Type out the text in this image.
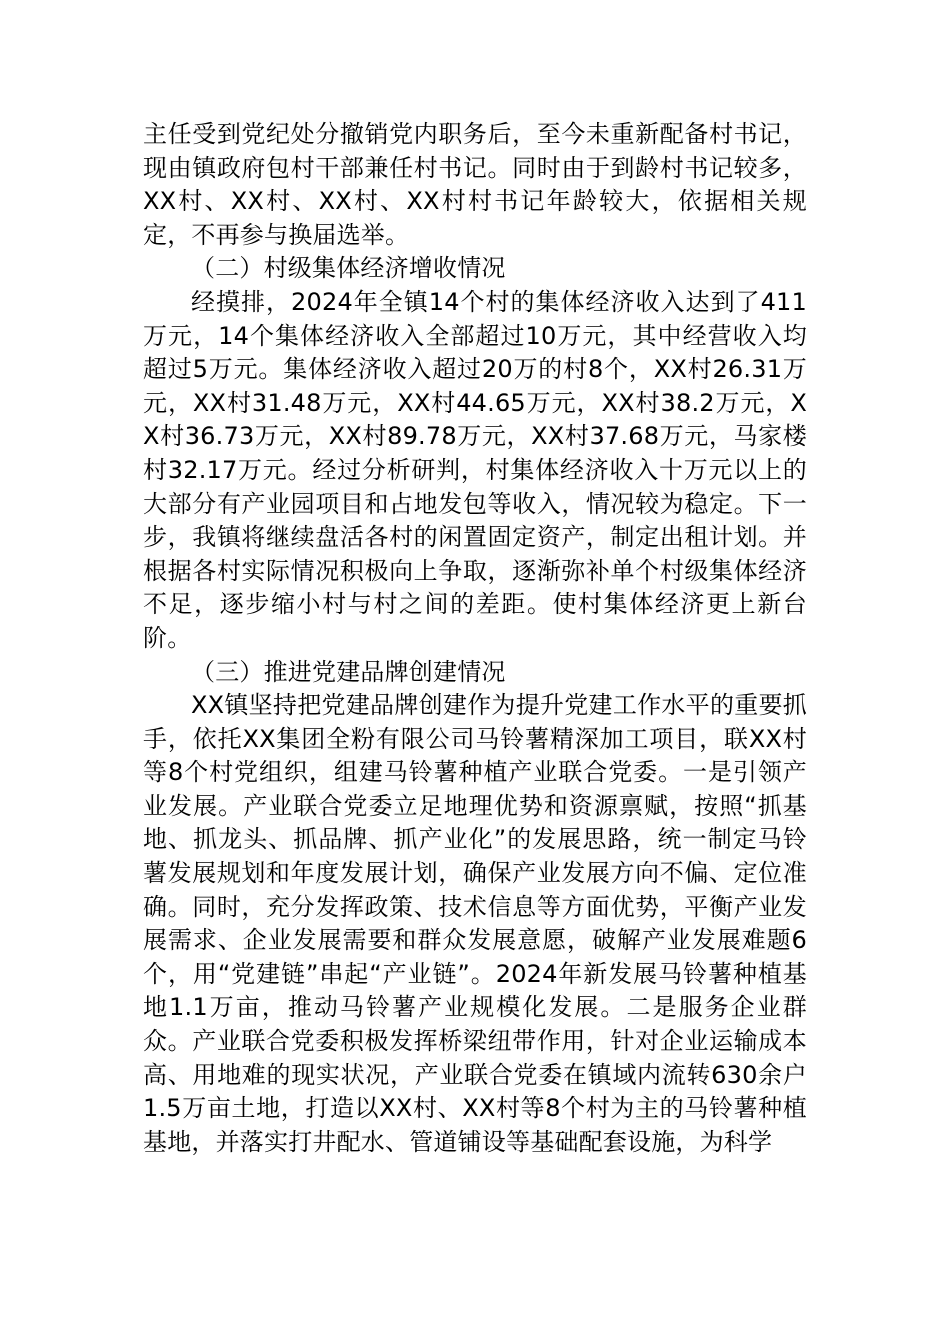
主任受到党纪处分撤销党内职务后，至今未重新配备村书记，现由镇政府包村干部兼任村书记。同时由于到龄村书记较多，XX村、XX村、XX村、XX村村书记年龄较大，依据相关规定，不再参与换届选举。

（二）村级集体经济增收情况

经摸排，2024年全镇14个村的集体经济收入达到了411万元，14个集体经济收入全部超过10万元，其中经营收入均超过5万元。集体经济收入超过20万的村8个，XX村26.31万元，XX村31.48万元，XX村44.65万元，XX村38.2万元，XX村36.73万元，XX村89.78万元，XX村37.68万元，马家楼村32.17万元。经过分析研判，村集体经济收入十万元以上的大部分有产业园项目和占地发包等收入，情况较为稳定。下一步，我镇将继续盘活各村的闲置固定资产，制定出租计划。并根据各村实际情况积极向上争取，逐渐弥补单个村级集体经济不足，逐步缩小村与村之间的差距。使村集体经济更上新台阶。

（三）推进党建品牌创建情况

XX镇坚持把党建品牌创建作为提升党建工作水平的重要抓手，依托XX集团全粉有限公司马铃薯精深加工项目，联XX村等8个村党组织，组建马铃薯种植产业联合党委。一是引领产业发展。产业联合党委立足地理优势和资源禀赋，按照“抓基地、抓龙头、抓品牌、抓产业化”的发展思路，统一制定马铃薯发展规划和年度发展计划，确保产业发展方向不偏、定位准确。同时，充分发挥政策、技术信息等方面优势，平衡产业发展需求、企业发展需要和群众发展意愿，破解产业发展难题6个，用“党建链”串起“产业链”。2024年新发展马铃薯种植基地1.1万亩，推动马铃薯产业规模化发展。二是服务企业群众。产业联合党委积极发挥桥梁纽带作用，针对企业运输成本高、用地难的现实状况，产业联合党委在镇域内流转630余户1.5万亩土地，打造以XX村、XX村等8个村为主的马铃薯种植基地，并落实打井配水、管道铺设等基础配套设施，为科学
